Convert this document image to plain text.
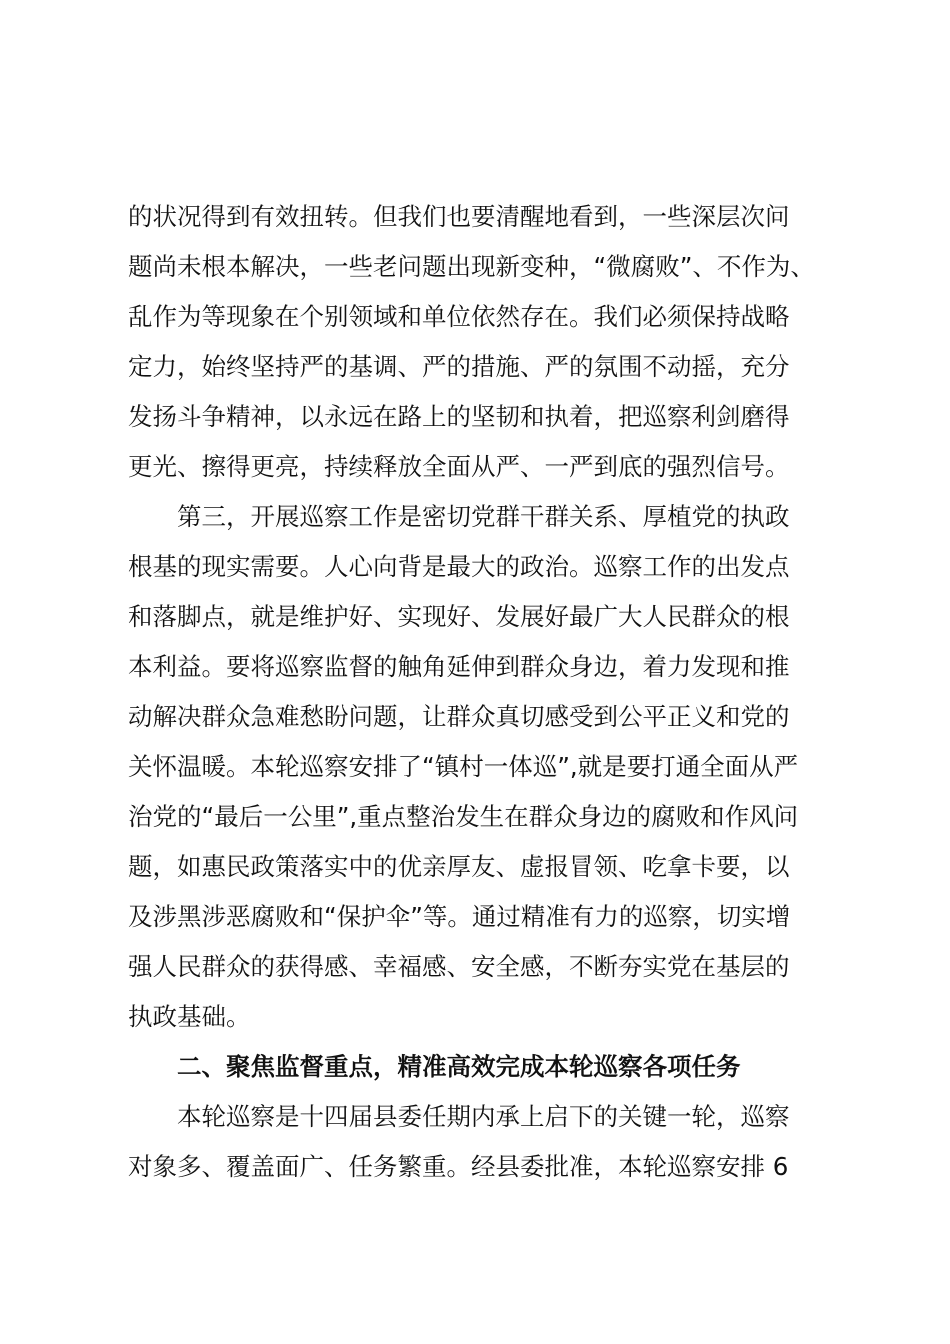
的状况得到有效扭转。但我们也要清醒地看到，一些深层次问
题尚未根本解决，一些老问题出现新变种，“微腐败”、不作为、
乱作为等现象在个别领域和单位依然存在。我们必须保持战略
定力，始终坚持严的基调、严的措施、严的氛围不动摇，充分
发扬斗争精神，以永远在路上的坚韧和执着，把巡察利剑磨得
更光、擦得更亮，持续释放全面从严、一严到底的强烈信号。
第三，开展巡察工作是密切党群干群关系、厚植党的执政
根基的现实需要。人心向背是最大的政治。巡察工作的出发点
和落脚点，就是维护好、实现好、发展好最广大人民群众的根
本利益。要将巡察监督的触角延伸到群众身边，着力发现和推
动解决群众急难愁盼问题，让群众真切感受到公平正义和党的
关怀温暖。本轮巡察安排了“镇村一体巡”,就是要打通全面从严
治党的“最后一公里”,重点整治发生在群众身边的腐败和作风问
题，如惠民政策落实中的优亲厚友、虚报冒领、吃拿卡要，以
及涉黑涉恶腐败和“保护伞”等。通过精准有力的巡察，切实增
强人民群众的获得感、幸福感、安全感，不断夯实党在基层的
执政基础。
二、聚焦监督重点，精准高效完成本轮巡察各项任务
本轮巡察是十四届县委任期内承上启下的关键一轮，巡察
对象多、覆盖面广、任务繁重。经县委批准，本轮巡察安排 6
